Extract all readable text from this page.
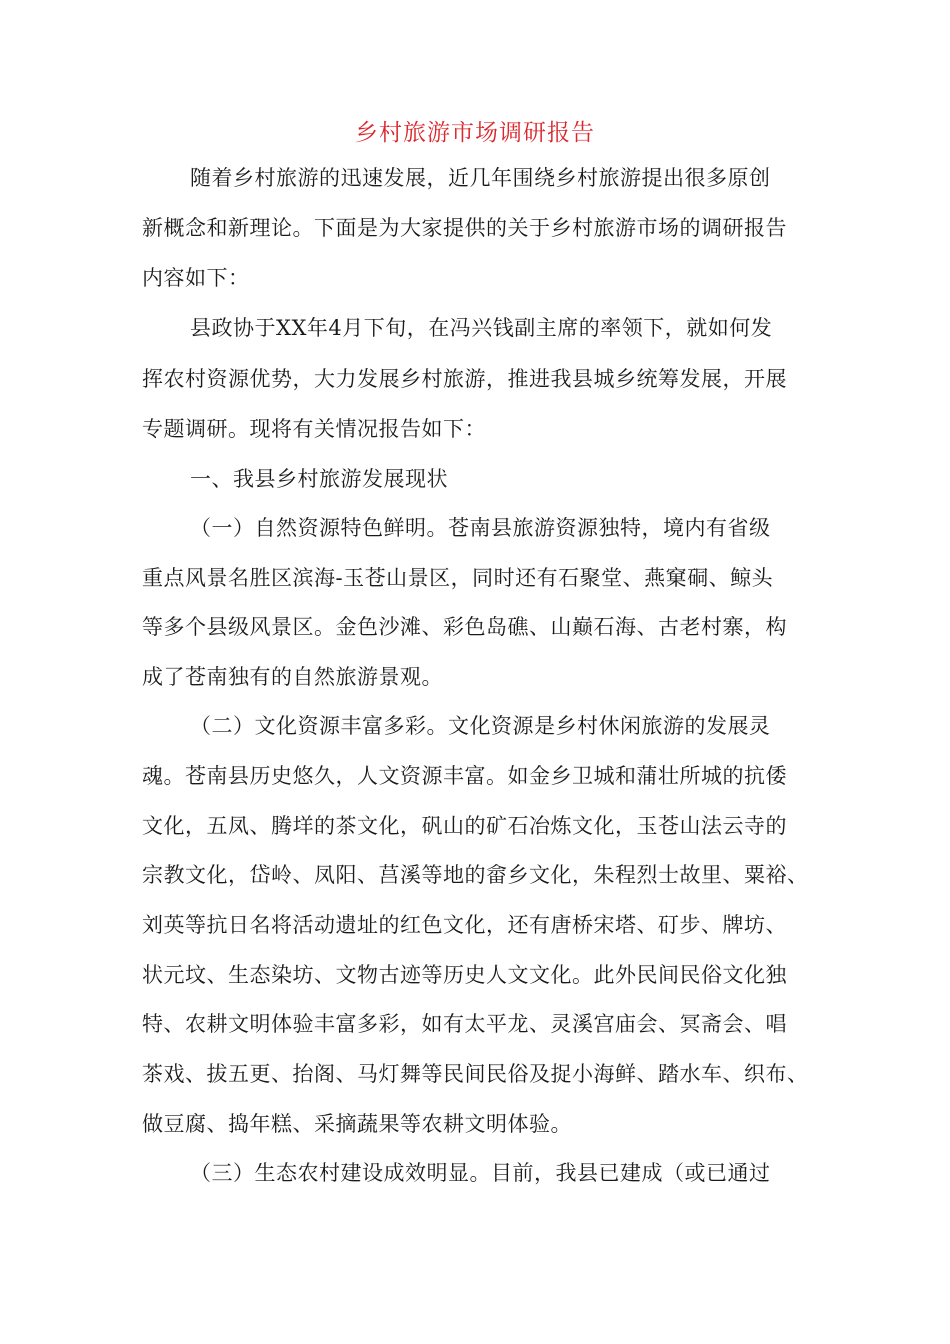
乡村旅游市场调研报告
随着乡村旅游的迅速发展，近几年围绕乡村旅游提出很多原创
新概念和新理论。下面是为大家提供的关于乡村旅游市场的调研报告
内容如下：
县政协于XX年4月下旬，在冯兴钱副主席的率领下，就如何发
挥农村资源优势，大力发展乡村旅游，推进我县城乡统筹发展，开展
专题调研。现将有关情况报告如下：
一、我县乡村旅游发展现状
（一）自然资源特色鲜明。苍南县旅游资源独特，境内有省级
重点风景名胜区滨海-玉苍山景区，同时还有石聚堂、燕窠硐、鲸头
等多个县级风景区。金色沙滩、彩色岛礁、山巅石海、古老村寨，构
成了苍南独有的自然旅游景观。
（二）文化资源丰富多彩。文化资源是乡村休闲旅游的发展灵
魂。苍南县历史悠久，人文资源丰富。如金乡卫城和蒲壮所城的抗倭
文化，五凤、腾垟的茶文化，矾山的矿石冶炼文化，玉苍山法云寺的
宗教文化，岱岭、凤阳、莒溪等地的畲乡文化，朱程烈士故里、粟裕、
刘英等抗日名将活动遗址的红色文化，还有唐桥宋塔、矴步、牌坊、
状元坟、生态染坊、文物古迹等历史人文文化。此外民间民俗文化独
特、农耕文明体验丰富多彩，如有太平龙、灵溪宫庙会、冥斋会、唱
茶戏、拔五更、抬阁、马灯舞等民间民俗及捉小海鲜、踏水车、织布、
做豆腐、捣年糕、采摘蔬果等农耕文明体验。
（三）生态农村建设成效明显。目前，我县已建成（或已通过
